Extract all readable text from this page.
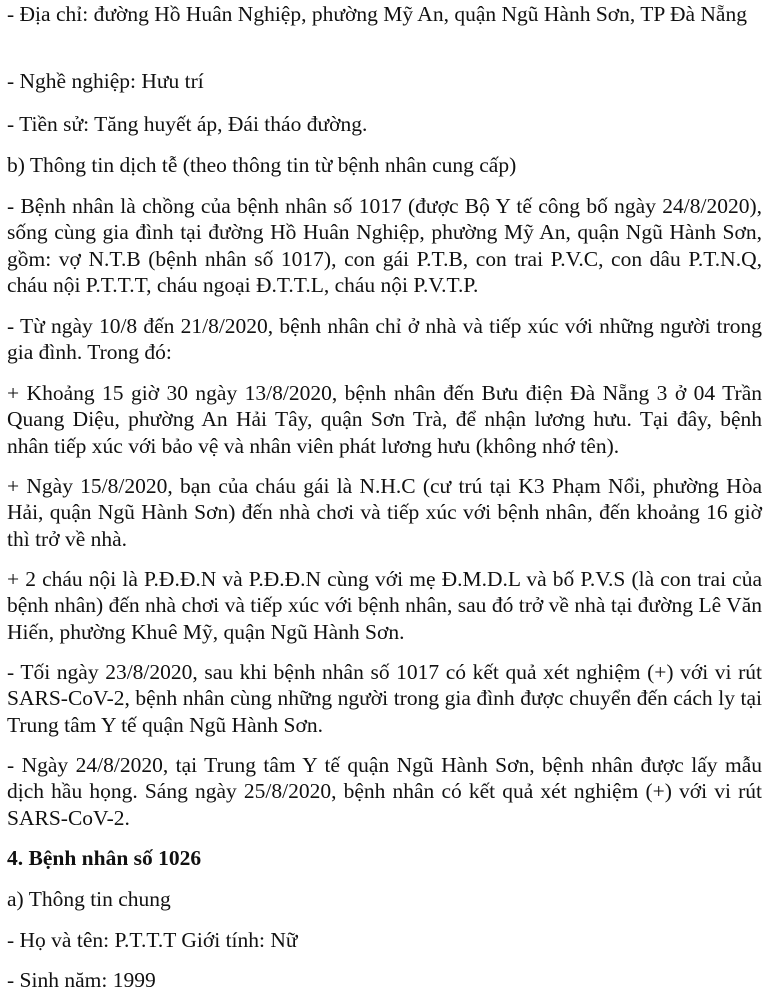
- Địa chỉ: đường Hồ Huân Nghiệp, phường Mỹ An, quận Ngũ Hành Sơn, TP Đà Nẵng

- Nghề nghiệp: Hưu trí

- Tiền sử: Tăng huyết áp, Đái tháo đường.

b) Thông tin dịch tễ (theo thông tin từ bệnh nhân cung cấp)

- Bệnh nhân là chồng của bệnh nhân số 1017 (được Bộ Y tế công bố ngày 24/8/2020), sống cùng gia đình tại đường Hồ Huân Nghiệp, phường Mỹ An, quận Ngũ Hành Sơn, gồm: vợ N.T.B (bệnh nhân số 1017), con gái P.T.B, con trai P.V.C, con dâu P.T.N.Q, cháu nội P.T.T.T, cháu ngoại Đ.T.T.L, cháu nội P.V.T.P.

- Từ ngày 10/8 đến 21/8/2020, bệnh nhân chỉ ở nhà và tiếp xúc với những người trong gia đình. Trong đó:

+ Khoảng 15 giờ 30 ngày 13/8/2020, bệnh nhân đến Bưu điện Đà Nẵng 3 ở 04 Trần Quang Diệu, phường An Hải Tây, quận Sơn Trà, để nhận lương hưu. Tại đây, bệnh nhân tiếp xúc với bảo vệ và nhân viên phát lương hưu (không nhớ tên).

+ Ngày 15/8/2020, bạn của cháu gái là N.H.C (cư trú tại K3 Phạm Nổi, phường Hòa Hải, quận Ngũ Hành Sơn) đến nhà chơi và tiếp xúc với bệnh nhân, đến khoảng 16 giờ thì trở về nhà.

+ 2 cháu nội là P.Đ.Đ.N và P.Đ.Đ.N cùng với mẹ Đ.M.D.L và bố P.V.S (là con trai của bệnh nhân) đến nhà chơi và tiếp xúc với bệnh nhân, sau đó trở về nhà tại đường Lê Văn Hiến, phường Khuê Mỹ, quận Ngũ Hành Sơn.

- Tối ngày 23/8/2020, sau khi bệnh nhân số 1017 có kết quả xét nghiệm (+) với vi rút SARS-CoV-2, bệnh nhân cùng những người trong gia đình được chuyển đến cách ly tại Trung tâm Y tế quận Ngũ Hành Sơn.

- Ngày 24/8/2020, tại Trung tâm Y tế quận Ngũ Hành Sơn, bệnh nhân được lấy mẫu dịch hầu họng. Sáng ngày 25/8/2020, bệnh nhân có kết quả xét nghiệm (+) với vi rút SARS-CoV-2.

4. Bệnh nhân số 1026

a) Thông tin chung

- Họ và tên: P.T.T.T Giới tính: Nữ

- Sinh năm: 1999
